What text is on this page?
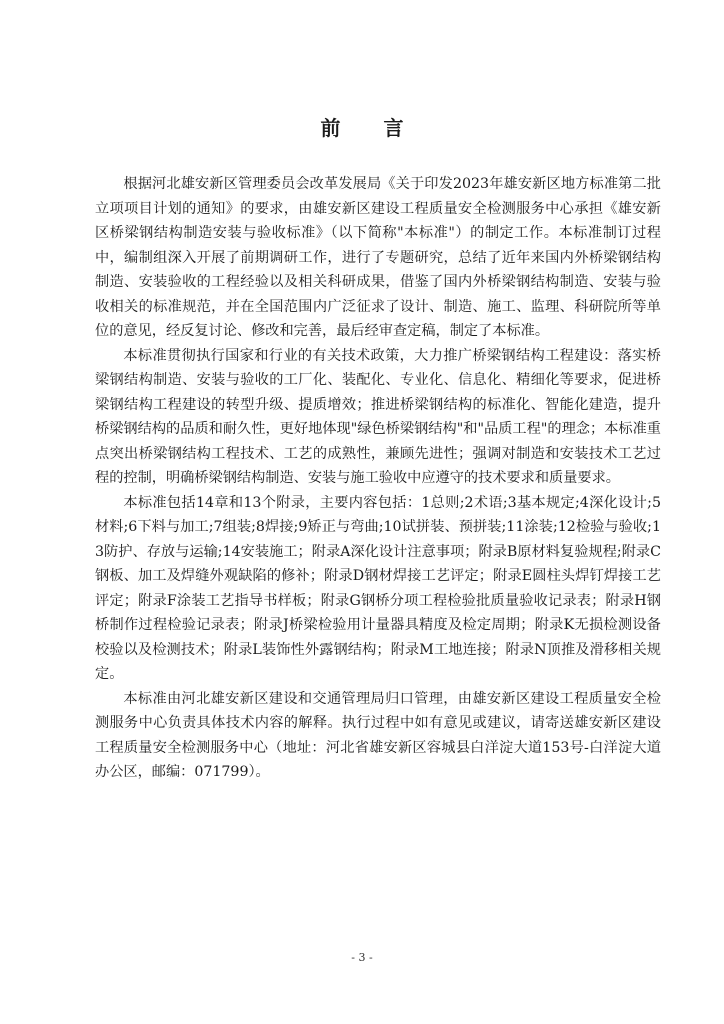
前 言

根据河北雄安新区管理委员会改革发展局《关于印发2023年雄安新区地方标准第二批立项项目计划的通知》的要求，由雄安新区建设工程质量安全检测服务中心承担《雄安新区桥梁钢结构制造安装与验收标准》（以下简称"本标准"）的制定工作。本标准制订过程中，编制组深入开展了前期调研工作，进行了专题研究，总结了近年来国内外桥梁钢结构制造、安装验收的工程经验以及相关科研成果，借鉴了国内外桥梁钢结构制造、安装与验收相关的标准规范，并在全国范围内广泛征求了设计、制造、施工、监理、科研院所等单位的意见，经反复讨论、修改和完善，最后经审查定稿，制定了本标准。

本标准贯彻执行国家和行业的有关技术政策，大力推广桥梁钢结构工程建设：落实桥梁钢结构制造、安装与验收的工厂化、装配化、专业化、信息化、精细化等要求，促进桥梁钢结构工程建设的转型升级、提质增效；推进桥梁钢结构的标准化、智能化建造，提升桥梁钢结构的品质和耐久性，更好地体现"绿色桥梁钢结构"和"品质工程"的理念；本标准重点突出桥梁钢结构工程技术、工艺的成熟性，兼顾先进性；强调对制造和安装技术工艺过程的控制，明确桥梁钢结构制造、安装与施工验收中应遵守的技术要求和质量要求。

本标准包括14章和13个附录，主要内容包括：1总则;2术语;3基本规定;4深化设计;5材料;6下料与加工;7组装;8焊接;9矫正与弯曲;10试拼装、预拼装;11涂装;12检验与验收;13防护、存放与运输;14安装施工；附录A深化设计注意事项；附录B原材料复验规程;附录C钢板、加工及焊缝外观缺陷的修补；附录D钢材焊接工艺评定；附录E圆柱头焊钉焊接工艺评定；附录F涂装工艺指导书样板；附录G钢桥分项工程检验批质量验收记录表；附录H钢桥制作过程检验记录表；附录J桥梁检验用计量器具精度及检定周期；附录K无损检测设备校验以及检测技术；附录L装饰性外露钢结构；附录M工地连接；附录N顶推及滑移相关规定。

本标准由河北雄安新区建设和交通管理局归口管理，由雄安新区建设工程质量安全检测服务中心负责具体技术内容的解释。执行过程中如有意见或建议，请寄送雄安新区建设工程质量安全检测服务中心（地址：河北省雄安新区容城县白洋淀大道153号-白洋淀大道办公区，邮编：071799）。

- 3 -
